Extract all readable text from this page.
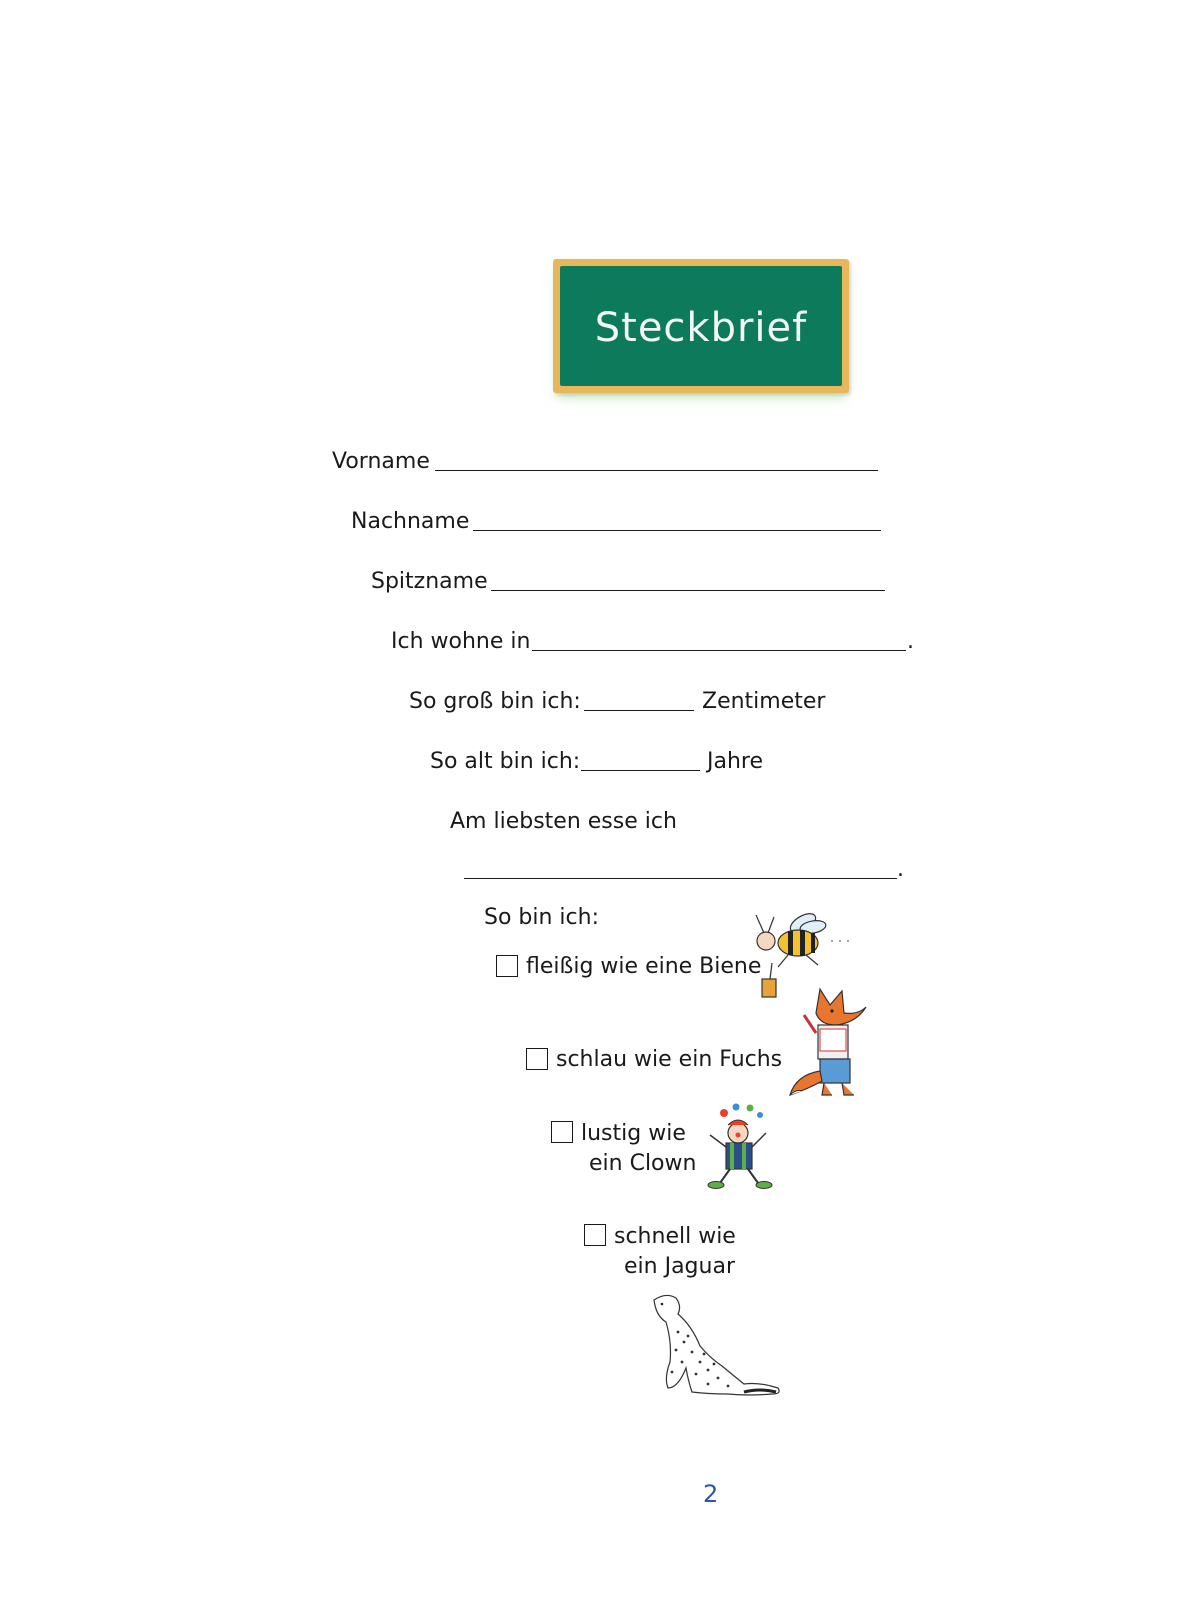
Steckbrief
Vorname
Nachname
Spitzname
Ich wohne in	.
So groß bin ich:	Zentimeter
So alt bin ich:	Jahre
Am liebsten esse ich
.
So bin ich:
fleißig wie eine Biene
schlau wie ein Fuchs
lustig wie
ein Clown
schnell wie
ein Jaguar
2
